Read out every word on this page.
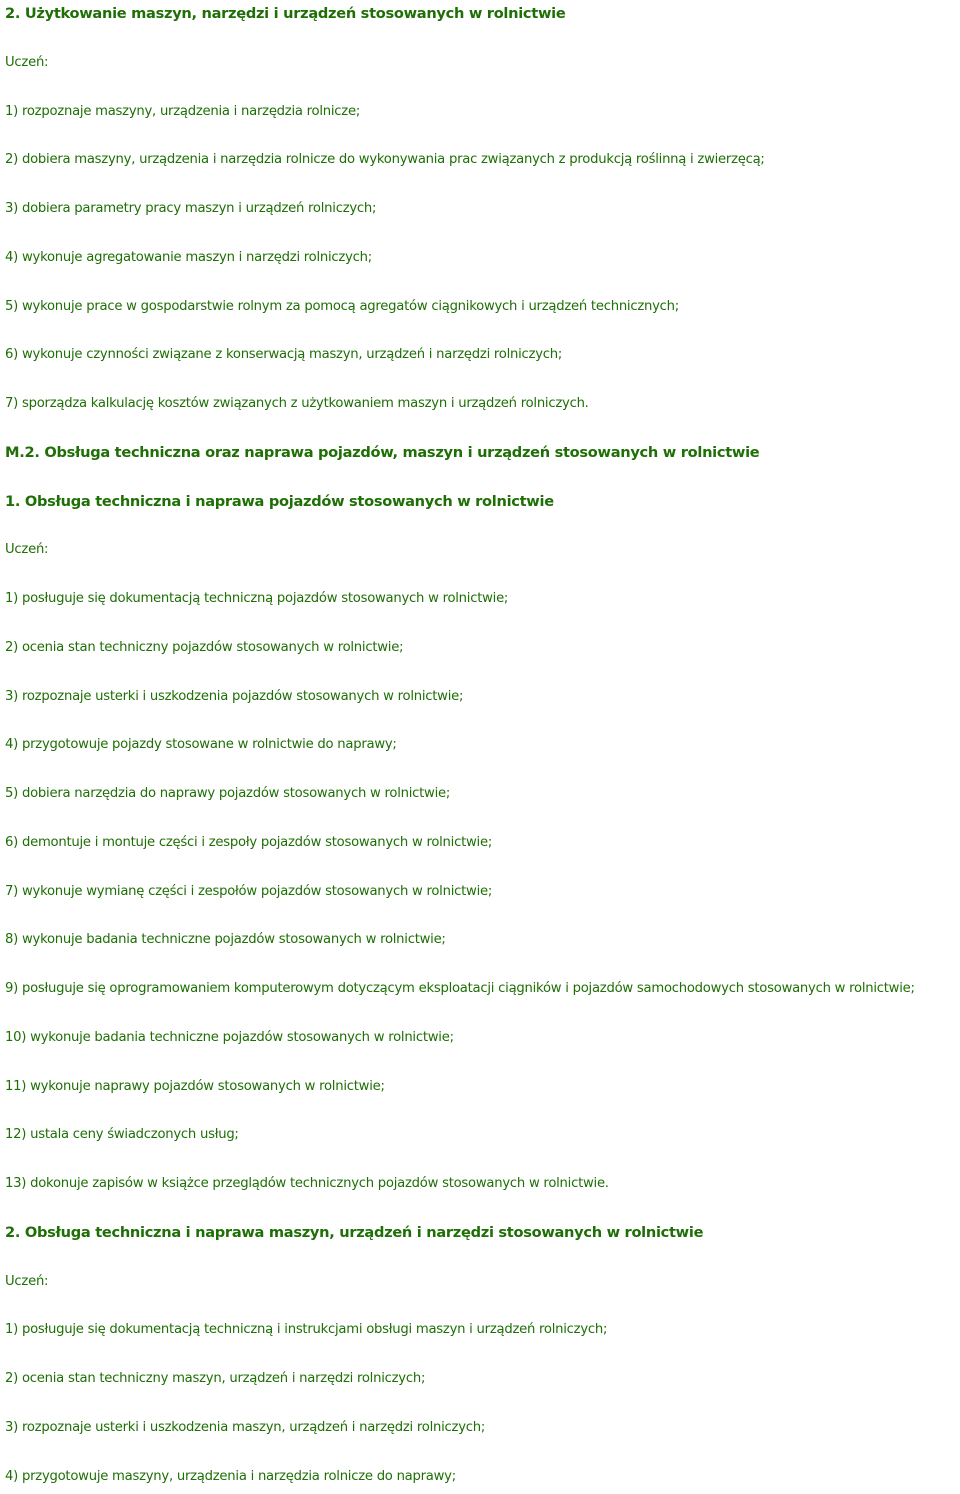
2. Użytkowanie maszyn, narzędzi i urządzeń stosowanych w rolnictwie
Uczeń:
1) rozpoznaje maszyny, urządzenia i narzędzia rolnicze;
2) dobiera maszyny, urządzenia i narzędzia rolnicze do wykonywania prac związanych z produkcją roślinną i zwierzęcą;
3) dobiera parametry pracy maszyn i urządzeń rolniczych;
4) wykonuje agregatowanie maszyn i narzędzi rolniczych;
5) wykonuje prace w gospodarstwie rolnym za pomocą agregatów ciągnikowych i urządzeń technicznych;
6) wykonuje czynności związane z konserwacją maszyn, urządzeń i narzędzi rolniczych;
7) sporządza kalkulację kosztów związanych z użytkowaniem maszyn i urządzeń rolniczych.
M.2. Obsługa techniczna oraz naprawa pojazdów, maszyn i urządzeń stosowanych w rolnictwie
1. Obsługa techniczna i naprawa pojazdów stosowanych w rolnictwie
Uczeń:
1) posługuje się dokumentacją techniczną pojazdów stosowanych w rolnictwie;
2) ocenia stan techniczny pojazdów stosowanych w rolnictwie;
3) rozpoznaje usterki i uszkodzenia pojazdów stosowanych w rolnictwie;
4) przygotowuje pojazdy stosowane w rolnictwie do naprawy;
5) dobiera narzędzia do naprawy pojazdów stosowanych w rolnictwie;
6) demontuje i montuje części i zespoły pojazdów stosowanych w rolnictwie;
7) wykonuje wymianę części i zespołów pojazdów stosowanych w rolnictwie;
8) wykonuje badania techniczne pojazdów stosowanych w rolnictwie;
9) posługuje się oprogramowaniem komputerowym dotyczącym eksploatacji ciągników i pojazdów samochodowych stosowanych w rolnictwie;
10) wykonuje badania techniczne pojazdów stosowanych w rolnictwie;
11) wykonuje naprawy pojazdów stosowanych w rolnictwie;
12) ustala ceny świadczonych usług;
13) dokonuje zapisów w książce przeglądów technicznych pojazdów stosowanych w rolnictwie.
2. Obsługa techniczna i naprawa maszyn, urządzeń i narzędzi stosowanych w rolnictwie
Uczeń:
1) posługuje się dokumentacją techniczną i instrukcjami obsługi maszyn i urządzeń rolniczych;
2) ocenia stan techniczny maszyn, urządzeń i narzędzi rolniczych;
3) rozpoznaje usterki i uszkodzenia maszyn, urządzeń i narzędzi rolniczych;
4) przygotowuje maszyny, urządzenia i narzędzia rolnicze do naprawy;
